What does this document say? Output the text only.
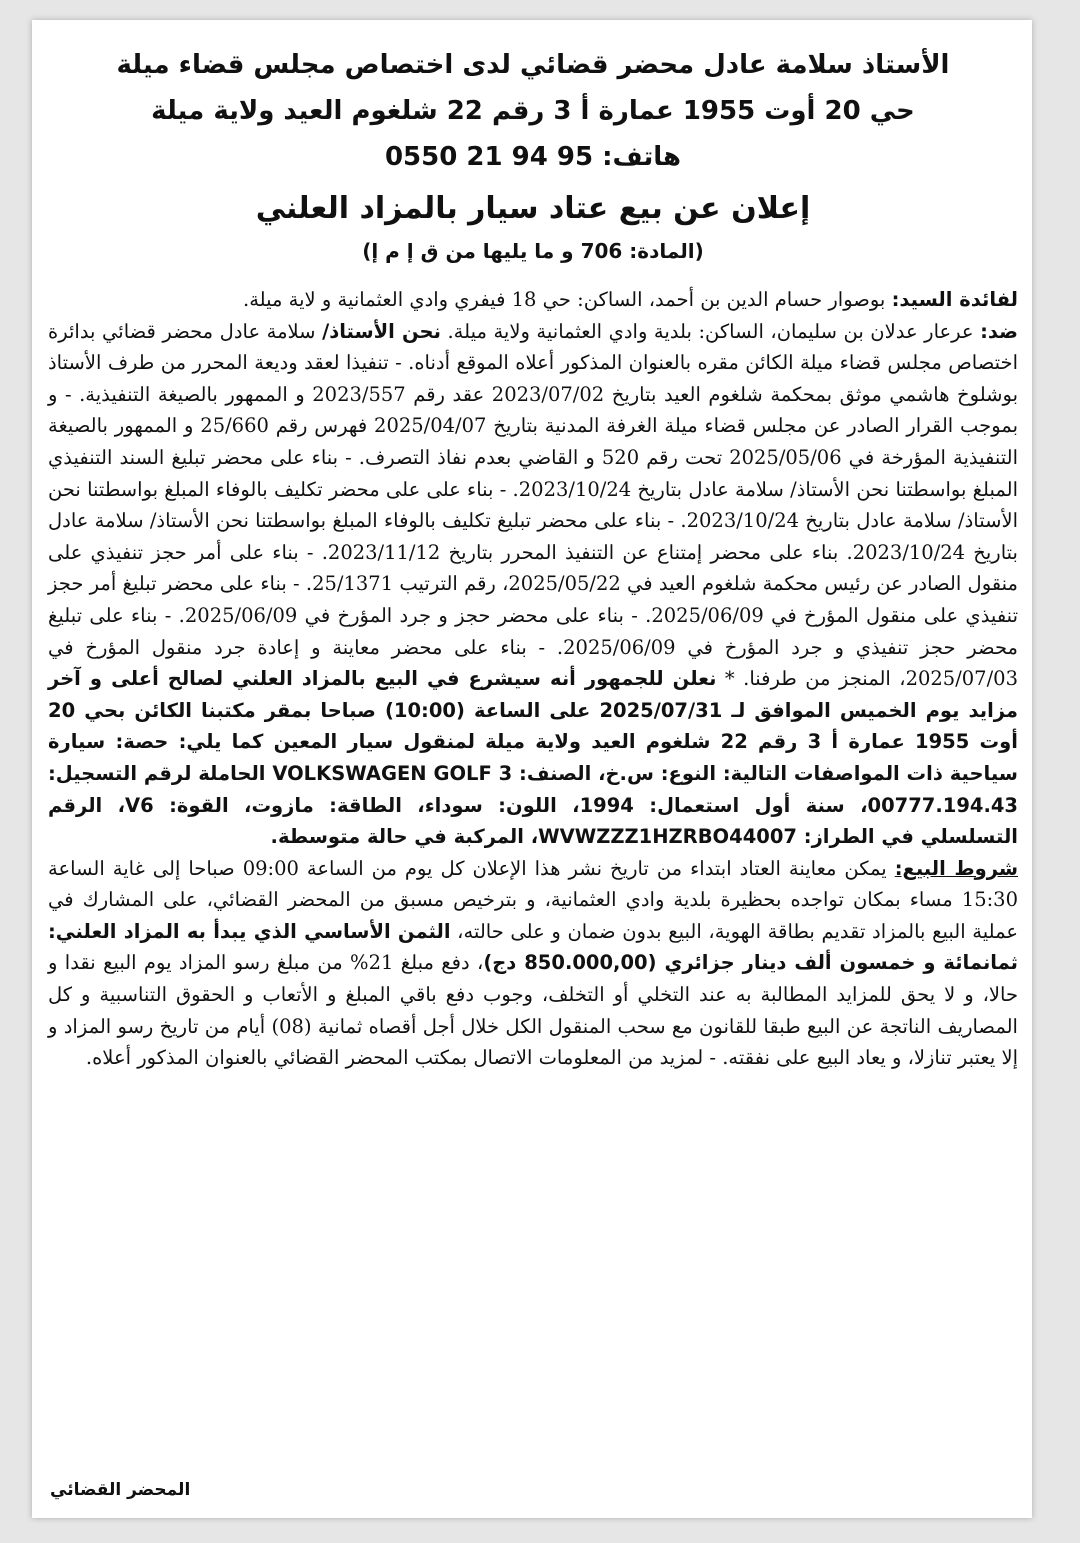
الأستاذ سلامة عادل محضر قضائي لدى اختصاص مجلس قضاء ميلة
حي 20 أوت 1955 عمارة أ 3 رقم 22 شلغوم العيد ولاية ميلة
هاتف: 95 94 21 0550
إعلان عن بيع عتاد سيار بالمزاد العلني
(المادة: 706 و ما يليها من ق إ م إ)

لفائدة السيد: بوصوار حسام الدين بن أحمد، الساكن: حي 18 فيفري وادي العثمانية و لاية ميلة.
ضد: عرعار عدلان بن سليمان، الساكن: بلدية وادي العثمانية ولاية ميلة. نحن الأستاذ/ سلامة عادل محضر قضائي بدائرة اختصاص مجلس قضاء ميلة الكائن مقره بالعنوان المذكور أعلاه الموقع أدناه. - تنفيذا لعقد وديعة المحرر من طرف الأستاذ بوشلوخ هاشمي موثق بمحكمة شلغوم العيد بتاريخ 2023/07/02 عقد رقم 2023/557 و الممهور بالصيغة التنفيذية. - و بموجب القرار الصادر عن مجلس قضاء ميلة الغرفة المدنية بتاريخ 2025/04/07 فهرس رقم 25/660 و الممهور بالصيغة التنفيذية المؤرخة في 2025/05/06 تحت رقم 520 و القاضي بعدم نفاذ التصرف. - بناء على محضر تبليغ السند التنفيذي المبلغ بواسطتنا نحن الأستاذ/ سلامة عادل بتاريخ 2023/10/24. - بناء على على محضر تكليف بالوفاء المبلغ بواسطتنا نحن الأستاذ/ سلامة عادل بتاريخ 2023/10/24. - بناء على محضر تبليغ تكليف بالوفاء المبلغ بواسطتنا نحن الأستاذ/ سلامة عادل بتاريخ 2023/10/24. بناء على محضر إمتناع عن التنفيذ المحرر بتاريخ 2023/11/12. - بناء على أمر حجز تنفيذي على منقول الصادر عن رئيس محكمة شلغوم العيد في 2025/05/22، رقم الترتيب 25/1371. - بناء على محضر تبليغ أمر حجز تنفيذي على منقول المؤرخ في 2025/06/09. - بناء على محضر حجز و جرد المؤرخ في 2025/06/09. - بناء على تبليغ محضر حجز تنفيذي و جرد المؤرخ في 2025/06/09. - بناء على محضر معاينة و إعادة جرد منقول المؤرخ في 2025/07/03، المنجز من طرفنا. * نعلن للجمهور أنه سيشرع في البيع بالمزاد العلني لصالح أعلى و آخر مزايد يوم الخميس الموافق لـ 2025/07/31 على الساعة (10:00) صباحا بمقر مكتبنا الكائن بحي 20 أوت 1955 عمارة أ 3 رقم 22 شلغوم العيد ولاية ميلة لمنقول سيار المعين كما يلي: حصة: سيارة سياحية ذات المواصفات التالية: النوع: س.خ، الصنف: VOLKSWAGEN GOLF 3 الحاملة لرقم التسجيل: 00777.194.43، سنة أول استعمال: 1994، اللون: سوداء، الطاقة: مازوت، القوة: V6، الرقم التسلسلي في الطراز: WVWZZZ1HZRBO44007، المركبة في حالة متوسطة.

شروط البيع: يمكن معاينة العتاد ابتداء من تاريخ نشر هذا الإعلان كل يوم من الساعة 09:00 صباحا إلى غاية الساعة 15:30 مساء بمكان تواجده بحظيرة بلدية وادي العثمانية، و بترخيص مسبق من المحضر القضائي، على المشارك في عملية البيع بالمزاد تقديم بطاقة الهوية، البيع بدون ضمان و على حالته، الثمن الأساسي الذي يبدأ به المزاد العلني: ثمانمائة و خمسون ألف دينار جزائري (850.000,00 دج)، دفع مبلغ 21% من مبلغ رسو المزاد يوم البيع نقدا و حالا، و لا يحق للمزايد المطالبة به عند التخلي أو التخلف، وجوب دفع باقي المبلغ و الأتعاب و الحقوق التناسبية و كل المصاريف الناتجة عن البيع طبقا للقانون مع سحب المنقول الكل خلال أجل أقصاه ثمانية (08) أيام من تاريخ رسو المزاد و إلا يعتبر تنازلا، و يعاد البيع على نفقته. - لمزيد من المعلومات الاتصال بمكتب المحضر القضائي بالعنوان المذكور أعلاه.

المحضر القضائي
